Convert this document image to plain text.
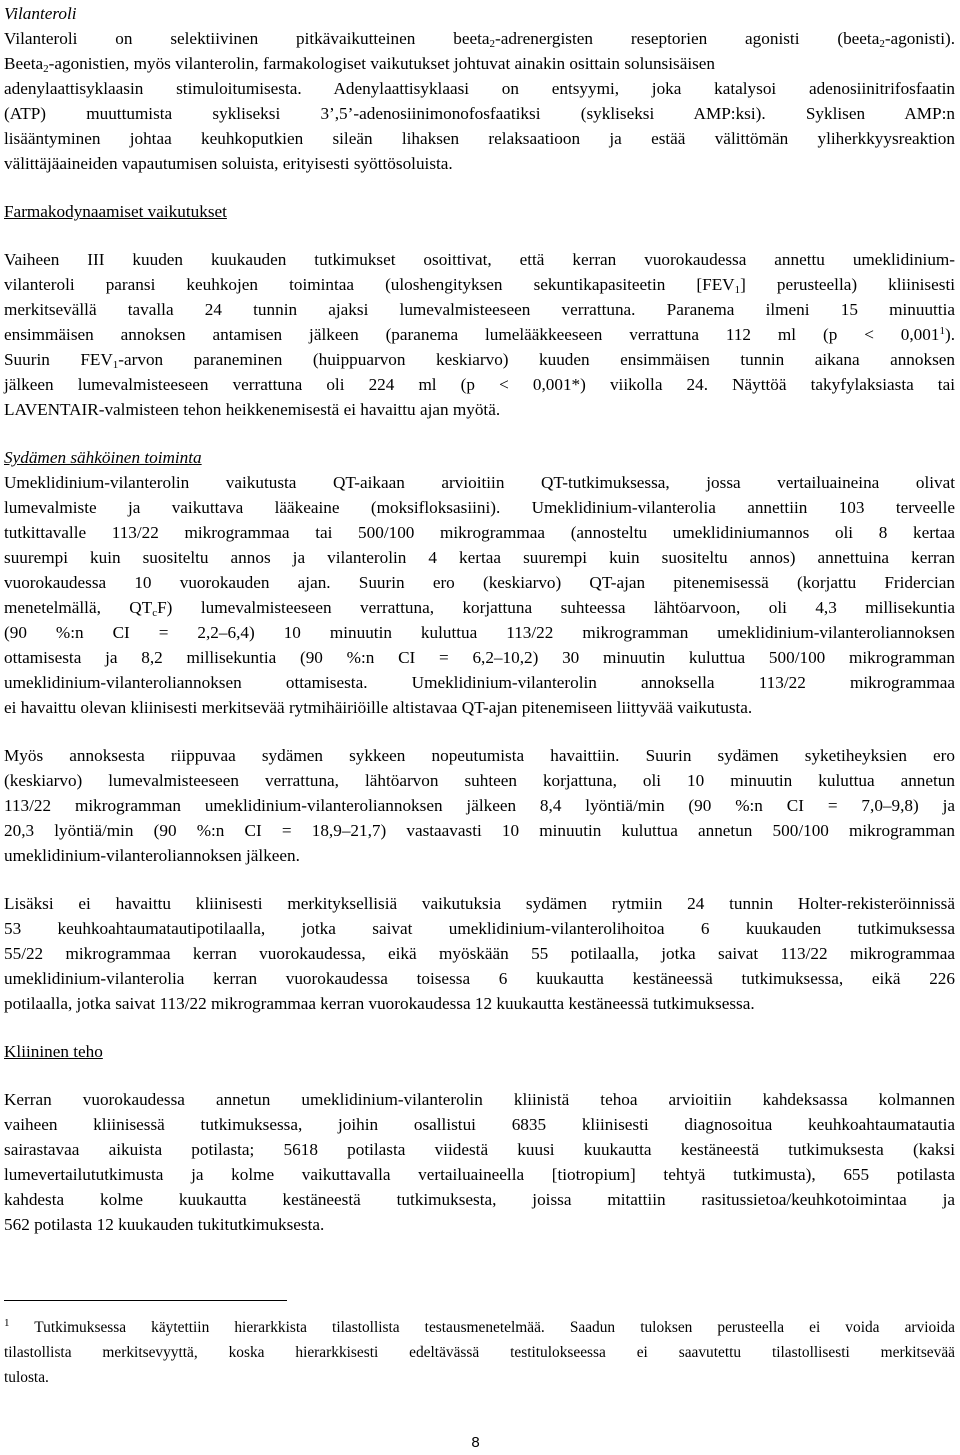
Vilanteroli
Vilanteroli on selektiivinen pitkävaikutteinen beeta$_2$-adrenergisten reseptorien agonisti (beeta$_2$-agonisti).
Beeta$_2$-agonistien, myös vilanterolin, farmakologiset vaikutukset johtuvat ainakin osittain solunsisäisen
adenylaattisyklaasin stimuloitumisesta. Adenylaattisyklaasi on entsyymi, joka katalysoi adenosiinitrifosfaatin
(ATP) muuttumista sykliseksi 3’,5’-adenosiinimonofosfaatiksi (sykliseksi AMP:ksi). Syklisen AMP:n
lisääntyminen johtaa keuhkoputkien sileän lihaksen relaksaatioon ja estää välittömän yliherkkyysreaktion
välittäjäaineiden vapautumisen soluista, erityisesti syöttösoluista.
Farmakodynaamiset vaikutukset
Vaiheen III kuuden kuukauden tutkimukset osoittivat, että kerran vuorokaudessa annettu umeklidinium-
vilanteroli paransi keuhkojen toimintaa (uloshengityksen sekuntikapasiteetin $[FEV_1]$ perusteella) kliinisesti
merkitsevällä tavalla 24 tunnin ajaksi lumevalmisteeseen verrattuna. Paranema ilmeni 15 minuuttia
ensimmäisen annoksen antamisen jälkeen (paranema lumelääkkeeseen verrattuna 112 ml $(p < 0,001^1)$.
Suurin $FEV_1$-arvon paraneminen (huippuarvon keskiarvo) kuuden ensimmäisen tunnin aikana annoksen
jälkeen lumevalmisteeseen verrattuna oli 224 ml (p < 0,001*) viikolla 24. Näyttöä takyfylaksiasta tai
LAVENTAIR-valmisteen tehon heikkenemisestä ei havaittu ajan myötä.
Sydämen sähköinen toiminta
Umeklidinium-vilanterolin vaikutusta QT-aikaan arvioitiin QT-tutkimuksessa, jossa vertailuaineina olivat
lumevalmiste ja vaikuttava lääkeaine (moksifloksasiini). Umeklidinium-vilanterolia annettiin 103 terveelle
tutkittavalle 113/22 mikrogrammaa tai 500/100 mikrogrammaa (annosteltu umeklidiniumannos oli 8 kertaa
suurempi kuin suositeltu annos ja vilanterolin 4 kertaa suurempi kuin suositeltu annos) annettuina kerran
vuorokaudessa 10 vuorokauden ajan. Suurin ero (keskiarvo) QT-ajan pitenemisessä (korjattu Fridercian
menetelmällä, $QT_cF$) lumevalmisteeseen verrattuna, korjattuna suhteessa lähtöarvoon, oli 4,3 millisekuntia
(90 %:n CI = 2,2–6,4) 10 minuutin kuluttua 113/22 mikrogramman umeklidinium-vilanteroliannoksen
ottamisesta ja 8,2 millisekuntia (90 %:n CI = 6,2–10,2) 30 minuutin kuluttua 500/100 mikrogramman
umeklidinium-vilanteroliannoksen ottamisesta. Umeklidinium-vilanterolin annoksella 113/22 mikrogrammaa
ei havaittu olevan kliinisesti merkitsevää rytmihäiriöille altistavaa QT-ajan pitenemiseen liittyvää vaikutusta.
Myös annoksesta riippuvaa sydämen sykkeen nopeutumista havaittiin. Suurin sydämen syketiheyksien ero
(keskiarvo) lumevalmisteeseen verrattuna, lähtöarvon suhteen korjattuna, oli 10 minuutin kuluttua annetun
113/22 mikrogramman umeklidinium-vilanteroliannoksen jälkeen 8,4 lyöntiä/min (90 %:n CI = 7,0–9,8) ja
20,3 lyöntiä/min (90 %:n CI = 18,9–21,7) vastaavasti 10 minuutin kuluttua annetun 500/100 mikrogramman
umeklidinium-vilanteroliannoksen jälkeen.
Lisäksi ei havaittu kliinisesti merkityksellisiä vaikutuksia sydämen rytmiin 24 tunnin Holter-rekisteröinnissä
53 keuhkoahtaumatautipotilaalla, jotka saivat umeklidinium-vilanterolihoitoa 6 kuukauden tutkimuksessa
55/22 mikrogrammaa kerran vuorokaudessa, eikä myöskään 55 potilaalla, jotka saivat 113/22 mikrogrammaa
umeklidinium-vilanterolia kerran vuorokaudessa toisessa 6 kuukautta kestäneessä tutkimuksessa, eikä 226
potilaalla, jotka saivat 113/22 mikrogrammaa kerran vuorokaudessa 12 kuukautta kestäneessä tutkimuksessa.
Kliininen teho
Kerran vuorokaudessa annetun umeklidinium-vilanterolin kliinistä tehoa arvioitiin kahdeksassa kolmannen
vaiheen kliinisessä tutkimuksessa, joihin osallistui 6835 kliinisesti diagnosoitua keuhkoahtaumatautia
sairastavaa aikuista potilasta; 5618 potilasta viidestä kuusi kuukautta kestäneestä tutkimuksesta (kaksi
lumevertailututkimusta ja kolme vaikuttavalla vertailuaineella [tiotropium] tehtyä tutkimusta), 655 potilasta
kahdesta kolme kuukautta kestäneestä tutkimuksesta, joissa mitattiin rasitussietoa/keuhkotoimintaa ja
562 potilasta 12 kuukauden tukitutkimuksesta.
$^1$ Tutkimuksessa käytettiin hierarkkista tilastollista testausmenetelmää. Saadun tuloksen perusteella ei voida arvioida
tilastollista merkitsevyyttä, koska hierarkkisesti edeltävässä testitulokseessa ei saavutettu tilastollisesti merkitsevää
tulosta.
8
